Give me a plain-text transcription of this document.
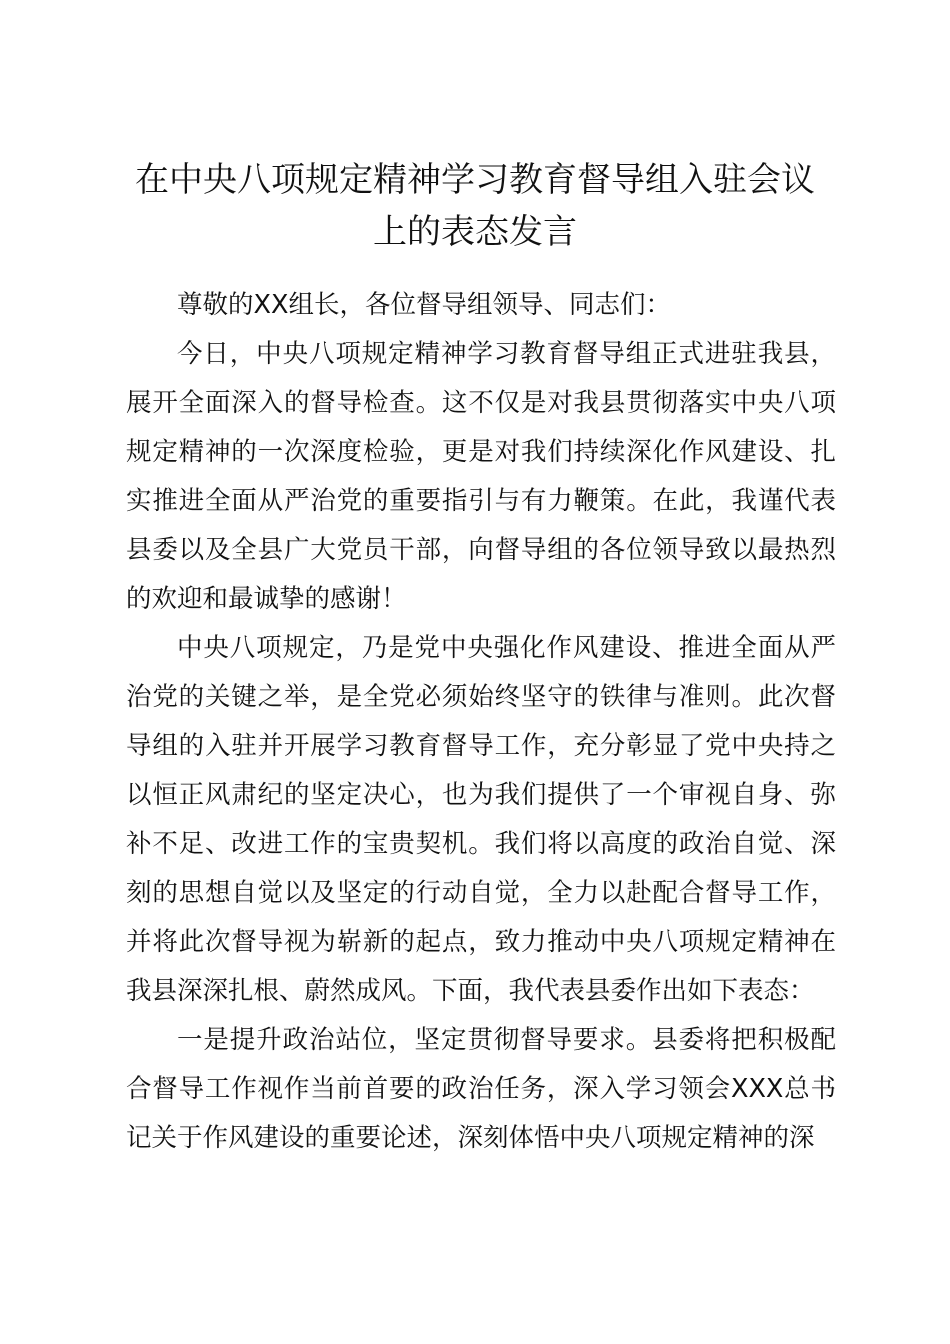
在中央八项规定精神学习教育督导组入驻会议上的表态发言

尊敬的XX组长，各位督导组领导、同志们：

今日，中央八项规定精神学习教育督导组正式进驻我县，展开全面深入的督导检查。这不仅是对我县贯彻落实中央八项规定精神的一次深度检验，更是对我们持续深化作风建设、扎实推进全面从严治党的重要指引与有力鞭策。在此，我谨代表县委以及全县广大党员干部，向督导组的各位领导致以最热烈的欢迎和最诚挚的感谢！

中央八项规定，乃是党中央强化作风建设、推进全面从严治党的关键之举，是全党必须始终坚守的铁律与准则。此次督导组的入驻并开展学习教育督导工作，充分彰显了党中央持之以恒正风肃纪的坚定决心，也为我们提供了一个审视自身、弥补不足、改进工作的宝贵契机。我们将以高度的政治自觉、深刻的思想自觉以及坚定的行动自觉，全力以赴配合督导工作，并将此次督导视为崭新的起点，致力推动中央八项规定精神在我县深深扎根、蔚然成风。下面，我代表县委作出如下表态：

一是提升政治站位，坚定贯彻督导要求。县委将把积极配合督导工作视作当前首要的政治任务，深入学习领会XXX总书记关于作风建设的重要论述，深刻体悟中央八项规定精神的深
